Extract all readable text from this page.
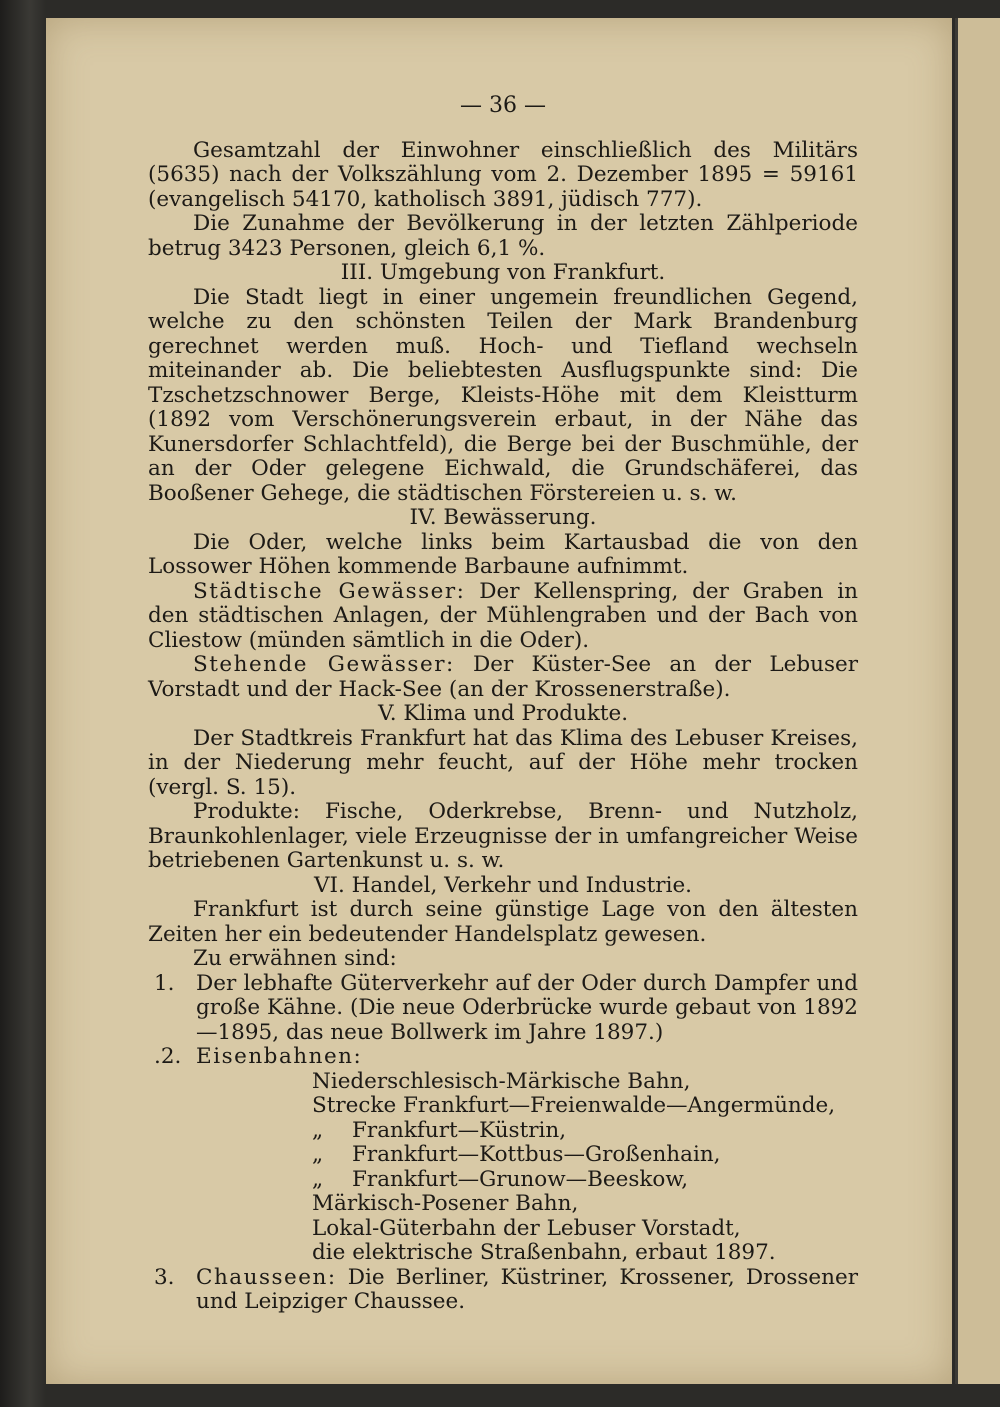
— 36 —

Gesamtzahl der Einwohner einschließlich des Militärs (5635) nach der Volkszählung vom 2. Dezember 1895 = 59161 (evangelisch 54170, katholisch 3891, jüdisch 777).

Die Zunahme der Bevölkerung in der letzten Zählperiode betrug 3423 Personen, gleich 6,1 %.

III. Umgebung von Frankfurt.

Die Stadt liegt in einer ungemein freundlichen Gegend, welche zu den schönsten Teilen der Mark Brandenburg gerechnet werden muß. Hoch- und Tiefland wechseln miteinander ab. Die beliebtesten Ausflugspunkte sind: Die Tzschetzschnower Berge, Kleists-Höhe mit dem Kleistturm (1892 vom Verschönerungsverein erbaut, in der Nähe das Kunersdorfer Schlachtfeld), die Berge bei der Buschmühle, der an der Oder gelegene Eichwald, die Grundschäferei, das Booßener Gehege, die städtischen Förstereien u. s. w.

IV. Bewässerung.

Die Oder, welche links beim Kartausbad die von den Lossower Höhen kommende Barbaune aufnimmt.

Städtische Gewässer: Der Kellenspring, der Graben in den städtischen Anlagen, der Mühlengraben und der Bach von Cliestow (münden sämtlich in die Oder).

Stehende Gewässer: Der Küster-See an der Lebuser Vorstadt und der Hack-See (an der Krossenerstraße).

V. Klima und Produkte.

Der Stadtkreis Frankfurt hat das Klima des Lebuser Kreises, in der Niederung mehr feucht, auf der Höhe mehr trocken (vergl. S. 15).

Produkte: Fische, Oderkrebse, Brenn- und Nutzholz, Braunkohlenlager, viele Erzeugnisse der in umfangreicher Weise betriebenen Gartenkunst u. s. w.

VI. Handel, Verkehr und Industrie.

Frankfurt ist durch seine günstige Lage von den ältesten Zeiten her ein bedeutender Handelsplatz gewesen.

Zu erwähnen sind:

1. Der lebhafte Güterverkehr auf der Oder durch Dampfer und große Kähne. (Die neue Oderbrücke wurde gebaut von 1892—1895, das neue Bollwerk im Jahre 1897.)
.2. Eisenbahnen:
Niederschlesisch-Märkische Bahn,
Strecke Frankfurt—Freienwalde—Angermünde,
„ Frankfurt—Küstrin,
„ Frankfurt—Kottbus—Großenhain,
„ Frankfurt—Grunow—Beeskow,
Märkisch-Posener Bahn,
Lokal-Güterbahn der Lebuser Vorstadt,
die elektrische Straßenbahn, erbaut 1897.
3. Chausseen: Die Berliner, Küstriner, Krossener, Drossener und Leipziger Chaussee.
